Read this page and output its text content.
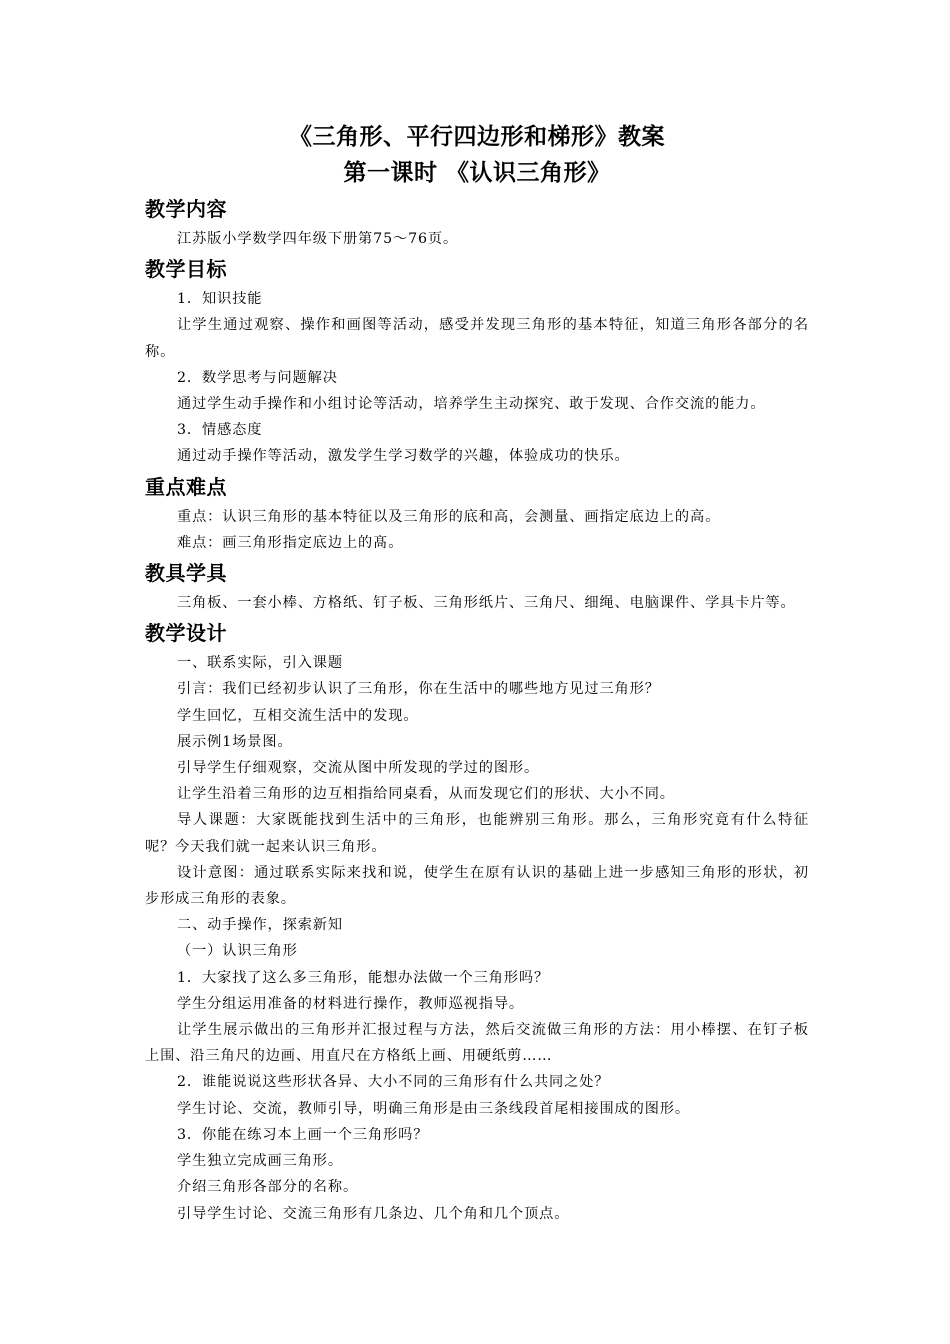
《三角形、平行四边形和梯形》教案
第一课时 《认识三角形》
教学内容

江苏版小学数学四年级下册第75～76页。

教学目标

1．知识技能

让学生通过观察、操作和画图等活动，感受并发现三角形的基本特征，知道三角形各部分的名称。

2．数学思考与问题解决

通过学生动手操作和小组讨论等活动，培养学生主动探究、敢于发现、合作交流的能力。

3．情感态度

通过动手操作等活动，激发学生学习数学的兴趣，体验成功的快乐。

重点难点

重点：认识三角形的基本特征以及三角形的底和高，会测量、画指定底边上的高。

难点：画三角形指定底边上的髙。

教具学具

三角板、一套小棒、方格纸、钉子板、三角形纸片、三角尺、细绳、电脑课件、学具卡片等。

教学设计

一、联系实际，引入课题

引言：我们已经初步认识了三角形，你在生活中的哪些地方见过三角形？

学生回忆，互相交流生活中的发现。

展示例1场景图。

引导学生仔细观察，交流从图中所发现的学过的图形。

让学生沿着三角形的边互相指给同桌看，从而发现它们的形状、大小不同。

导人课题：大家既能找到生活中的三角形，也能辨别三角形。那么，三角形究竟有什么特征呢？今天我们就一起来认识三角形。

设计意图：通过联系实际来找和说，使学生在原有认识的基础上进一步感知三角形的形状，初步形成三角形的表象。

二、动手操作，探索新知

（一）认识三角形

1．大家找了这么多三角形，能想办法做一个三角形吗？

学生分组运用准备的材料进行操作，教师巡视指导。

让学生展示做出的三角形并汇报过程与方法，然后交流做三角形的方法：用小棒摆、在钉子板上围、沿三角尺的边画、用直尺在方格纸上画、用硬纸剪……

2．谁能说说这些形状各异、大小不同的三角形有什么共同之处？

学生讨论、交流，教师引导，明确三角形是由三条线段首尾相接围成的图形。

3．你能在练习本上画一个三角形吗？

学生独立完成画三角形。

介绍三角形各部分的名称。

引导学生讨论、交流三角形有几条边、几个角和几个顶点。
